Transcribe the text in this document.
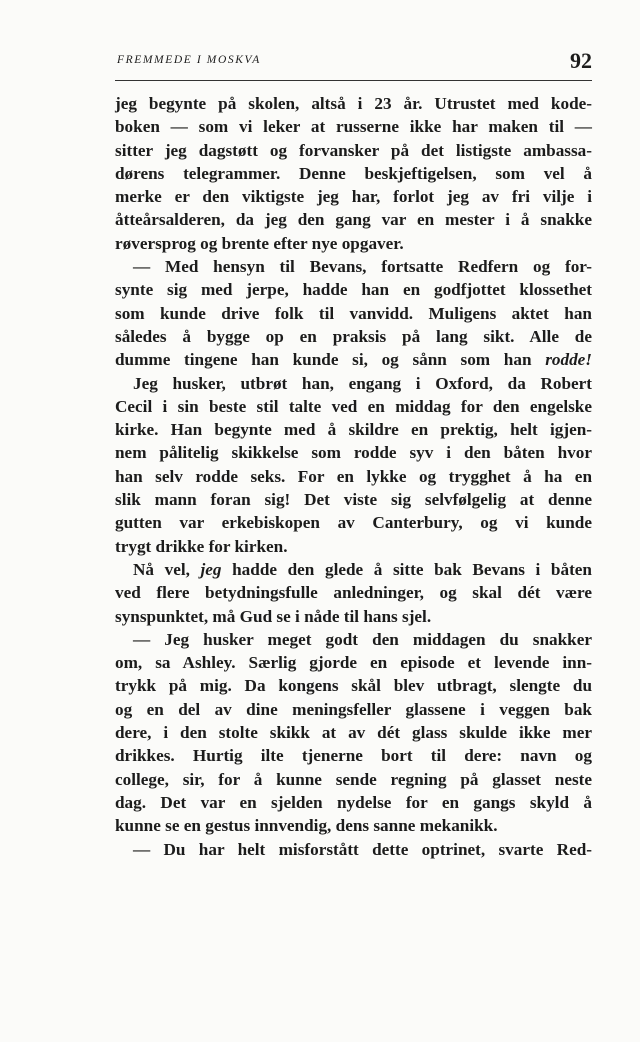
FREMMEDE I MOSKVA	92
jeg begynte på skolen, altså i 23 år. Utrustet med kode-
boken — som vi leker at russerne ikke har maken til —
sitter jeg dagstøtt og forvansker på det listigste ambassa-
dørens telegrammer. Denne beskjeftigelsen, som vel å
merke er den viktigste jeg har, forlot jeg av fri vilje i
åtteårsalderen, da jeg den gang var en mester i å snakke
røversprog og brente efter nye opgaver.
— Med hensyn til Bevans, fortsatte Redfern og for-
synte sig med jerpe, hadde han en godfjottet klossethet
som kunde drive folk til vanvidd. Muligens aktet han
således å bygge op en praksis på lang sikt. Alle de
dumme tingene han kunde si, og sånn som han rodde!
Jeg husker, utbrøt han, engang i Oxford, da Robert
Cecil i sin beste stil talte ved en middag for den engelske
kirke. Han begynte med å skildre en prektig, helt igjen-
nem pålitelig skikkelse som rodde syv i den båten hvor
han selv rodde seks. For en lykke og trygghet å ha en
slik mann foran sig! Det viste sig selvfølgelig at denne
gutten var erkebiskopen av Canterbury, og vi kunde
trygt drikke for kirken.
Nå vel, jeg hadde den glede å sitte bak Bevans i båten
ved flere betydningsfulle anledninger, og skal dét være
synspunktet, må Gud se i nåde til hans sjel.
— Jeg husker meget godt den middagen du snakker
om, sa Ashley. Særlig gjorde en episode et levende inn-
trykk på mig. Da kongens skål blev utbragt, slengte du
og en del av dine meningsfeller glassene i veggen bak
dere, i den stolte skikk at av dét glass skulde ikke mer
drikkes. Hurtig ilte tjenerne bort til dere: navn og
college, sir, for å kunne sende regning på glasset neste
dag. Det var en sjelden nydelse for en gangs skyld å
kunne se en gestus innvendig, dens sanne mekanikk.
— Du har helt misforstått dette optrinet, svarte Red-
